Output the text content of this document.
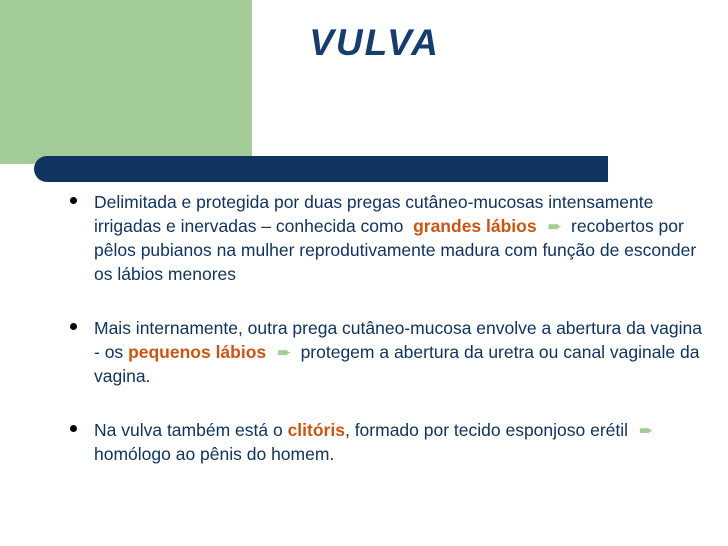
VULVA
Delimitada e protegida por duas pregas cutâneo-mucosas intensamente irrigadas e inervadas – conhecida como grandes lábios ➨ recobertos por pêlos pubianos na mulher reprodutivamente madura com função de esconder os lábios menores
Mais internamente, outra prega cutâneo-mucosa envolve a abertura da vagina - os pequenos lábios ➨ protegem a abertura da uretra ou canal vaginale da vagina.
Na vulva também está o clitóris, formado por tecido esponjoso erétil ➨ homólogo ao pênis do homem.
